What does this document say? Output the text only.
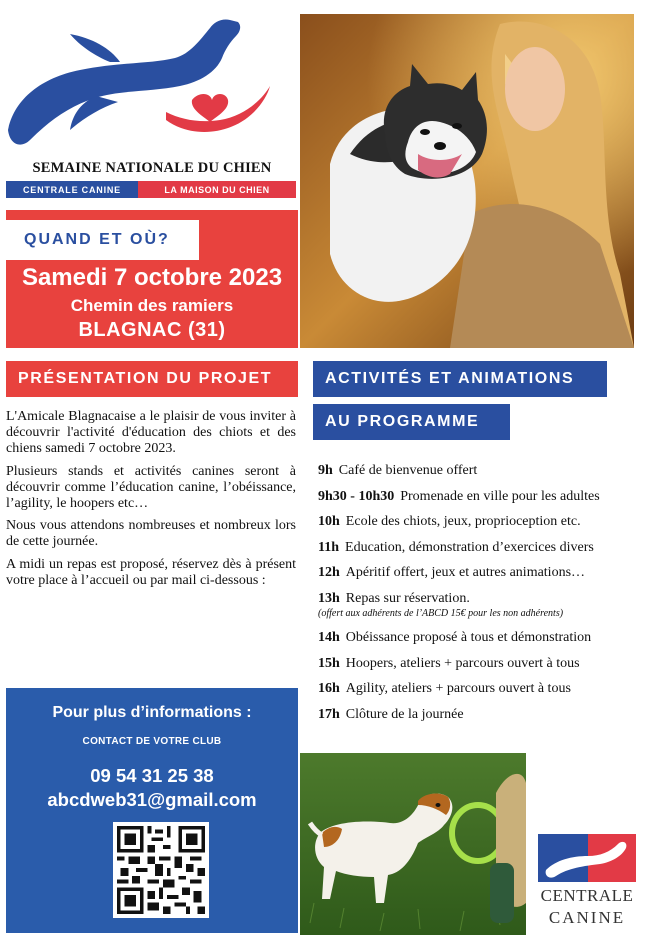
SEMAINE NATIONALE DU CHIEN
CENTRALE CANINE	LA MAISON DU CHIEN
QUAND ET OÙ?
Samedi 7 octobre 2023
Chemin des ramiers
BLAGNAC (31)
PRÉSENTATION DU PROJET	ACTIVITÉS ET ANIMATIONS
AU PROGRAMME

L'Amicale Blagnacaise a le plaisir de vous inviter à découvrir l'activité d'éducation des chiots et des chiens samedi 7 octobre 2023.

Plusieurs stands et activités canines seront à découvrir comme l’éducation canine, l’obéissance, l’agility, le hoopers etc…

Nous vous attendons nombreuses et nombreux lors de cette journée.

A midi un repas est proposé, réservez dès à présent votre place à l’accueil ou par mail ci-dessous :

9h Café de bienvenue offert
9h30 - 10h30 Promenade en ville pour les adultes
10h Ecole des chiots, jeux, proprioception etc.
11h Education, démonstration d’exercices divers
12h Apéritif offert, jeux et autres animations…
13h Repas sur réservation.
(offert aux adhérents de l’ABCD 15€ pour les non adhérents)
14h Obéissance proposé à tous et démonstration
15h Hoopers, ateliers + parcours ouvert à tous
16h Agility, ateliers + parcours ouvert à tous
17h Clôture de la journée
Pour plus d’informations :
CONTACT DE VOTRE CLUB
09 54 31 25 38
abcdweb31@gmail.com
CENTRALE
CANINE
